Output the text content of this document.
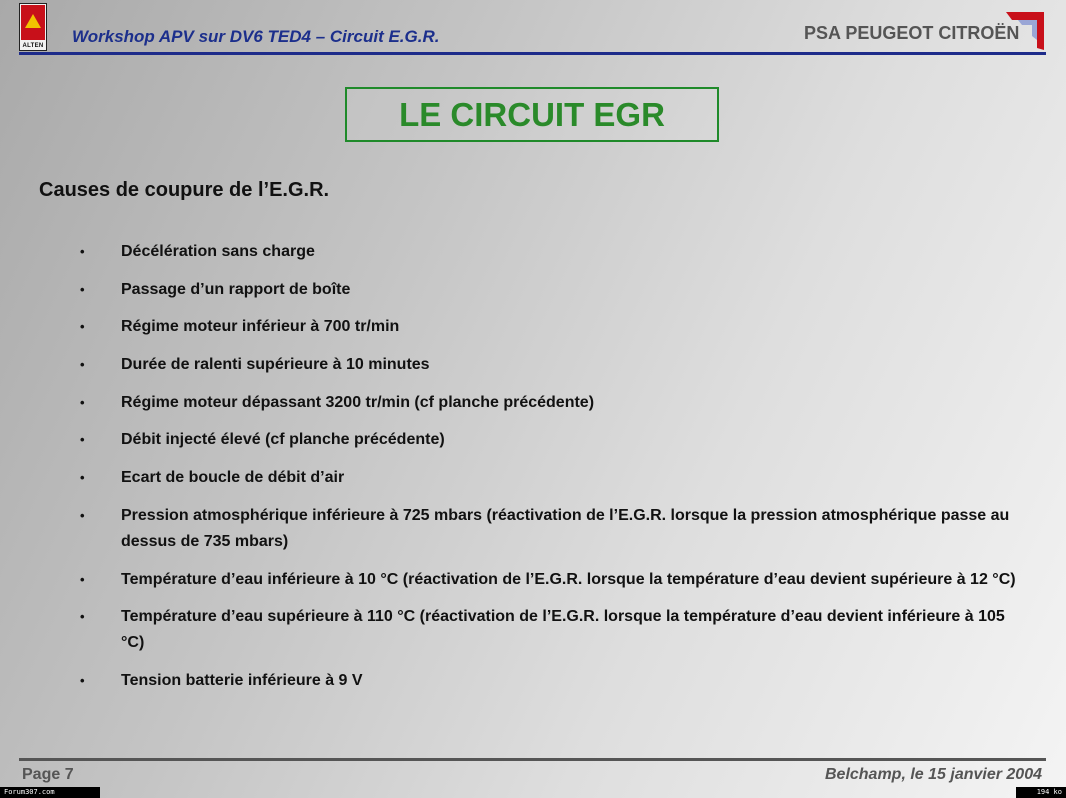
ALTEN Workshop APV sur DV6 TED4 – Circuit E.G.R.	PSA PEUGEOT CITROËN
LE CIRCUIT EGR
Causes de coupure de l’E.G.R.
• Décélération sans charge
• Passage d’un rapport de boîte
• Régime moteur inférieur à 700 tr/min
• Durée de ralenti supérieure à 10 minutes
• Régime moteur dépassant 3200 tr/min (cf planche précédente)
• Débit injecté élevé (cf planche précédente)
• Ecart de boucle de débit d’air
• Pression atmosphérique inférieure à 725 mbars (réactivation de l’E.G.R. lorsque la pression atmosphérique passe au dessus de 735 mbars)
• Température d’eau inférieure à 10 °C (réactivation de l’E.G.R. lorsque la température d’eau devient supérieure à 12 °C)
• Température d’eau supérieure à 110 °C (réactivation de l’E.G.R. lorsque la température d’eau devient inférieure à 105 °C)
• Tension batterie inférieure à 9 V
Page 7	Belchamp, le 15 janvier 2004
Forum307.com	194 ko
